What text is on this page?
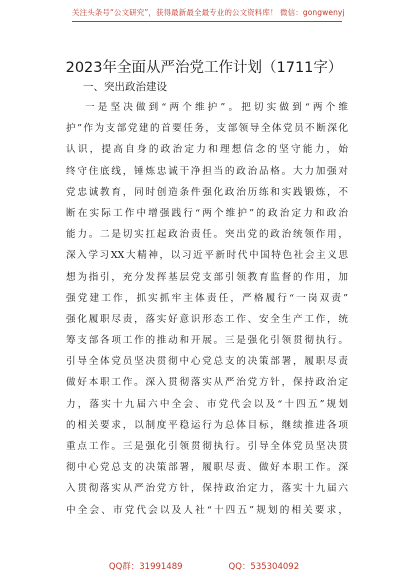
关注头条号“公文研究”，获得最新最全最专业的公文资料库！ 微信：gongwenyj
2023年全面从严治党工作计划（1711字）
一、突出政治建设
一是坚决做到“两个维护”。把切实做到“两个维
护”作为支部党建的首要任务，支部领导全体党员不断深化
认识，提高自身的政治定力和理想信念的坚守能力，始
终守住底线，锤炼忠诚干净担当的政治品格。大力加强对
党忠诚教育，同时创造条件强化政治历练和实践锻炼，不
断在实际工作中增强践行“两个维护”的政治定力和政治
能力。二是切实扛起政治责任。突出党的政治统领作用，
深入学习XX大精神，以习近平新时代中国特色社会主义思
想为指引，充分发挥基层党支部引领教育监督的作用，加
强党建工作，抓实抓牢主体责任，严格履行“一岗双责”
强化履职尽责，落实好意识形态工作、安全生产工作，统
筹支部各项工作的推动和开展。三是强化引领贯彻执行。
引导全体党员坚决贯彻中心党总支的决策部署，履职尽责
做好本职工作。深入贯彻落实从严治党方针，保持政治定
力，落实十九届六中全会、市党代会以及“十四五”规划
的相关要求，以制度平稳运行为总体目标，继续推进各项
重点工作。三是强化引领贯彻执行。引导全体党员坚决贯
彻中心党总支的决策部署，履职尽责、做好本职工作。深
入贯彻落实从严治党方针，保持政治定力，落实十九届六
中全会、市党代会以及人社“十四五”规划的相关要求，
QQ群：31991489	QQ：535304092
